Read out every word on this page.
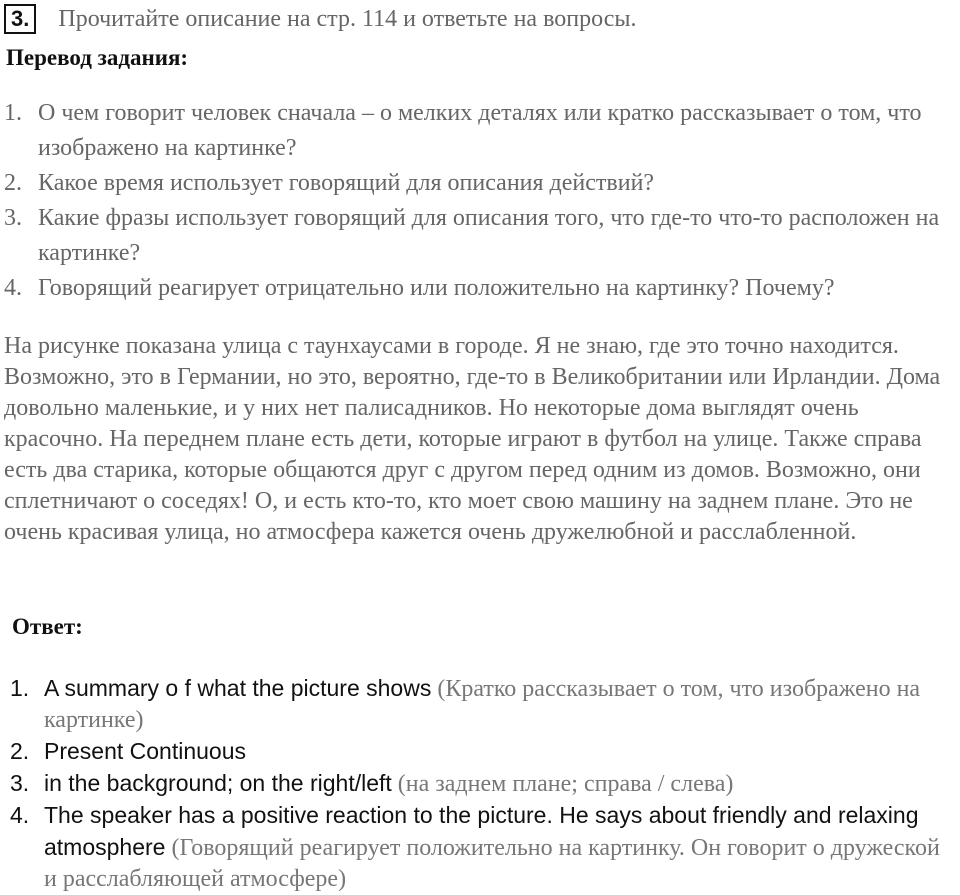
3. Прочитайте описание на стр. 114 и ответьте на вопросы.
Перевод задания:
1. О чем говорит человек сначала – о мелких деталях или кратко рассказывает о том, что изображено на картинке?
2. Какое время использует говорящий для описания действий?
3. Какие фразы использует говорящий для описания того, что где-то что-то расположен на картинке?
4. Говорящий реагирует отрицательно или положительно на картинку? Почему?

На рисунке показана улица с таунхаусами в городе. Я не знаю, где это точно находится. Возможно, это в Германии, но это, вероятно, где-то в Великобритании или Ирландии. Дома довольно маленькие, и у них нет палисадников. Но некоторые дома выглядят очень красочно. На переднем плане есть дети, которые играют в футбол на улице. Также справа есть два старика, которые общаются друг с другом перед одним из домов. Возможно, они сплетничают о соседях! О, и есть кто-то, кто моет свою машину на заднем плане. Это не очень красивая улица, но атмосфера кажется очень дружелюбной и расслабленной.

Ответ:
1. A summary o f what the picture shows (Кратко рассказывает о том, что изображено на картинке)
2. Present Continuous
3. in the background; on the right/left (на заднем плане; справа / слева)
4. The speaker has a positive reaction to the picture. He says about friendly and relaxing atmosphere (Говорящий реагирует положительно на картинку. Он говорит о дружеской и расслабляющей атмосфере)
